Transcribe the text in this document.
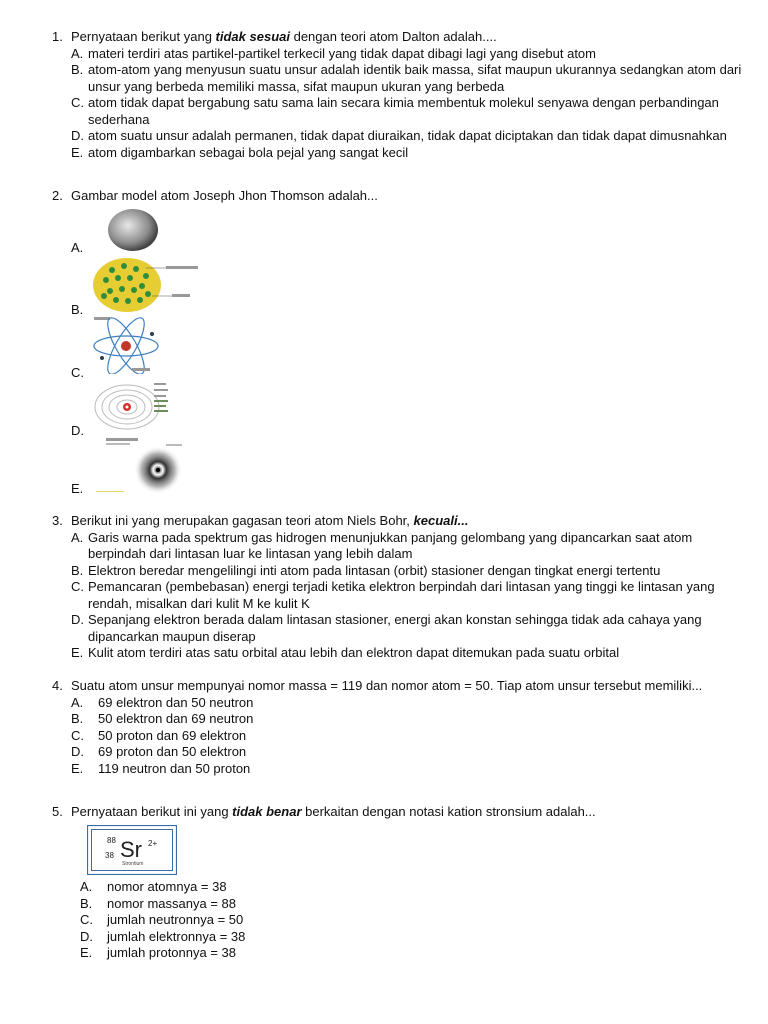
1. Pernyataan berikut yang tidak sesuai dengan teori atom Dalton adalah....
A. materi terdiri atas partikel-partikel terkecil yang tidak dapat dibagi lagi yang disebut atom
B. atom-atom yang menyusun suatu unsur adalah identik baik massa, sifat maupun ukurannya sedangkan atom dari unsur yang berbeda memiliki massa, sifat maupun ukuran yang berbeda
C. atom tidak dapat bergabung satu sama lain secara kimia membentuk molekul senyawa dengan perbandingan sederhana
D. atom suatu unsur adalah permanen, tidak dapat diuraikan, tidak dapat diciptakan dan tidak dapat dimusnahkan
E. atom digambarkan sebagai bola pejal yang sangat kecil
2. Gambar model atom Joseph Jhon Thomson adalah...
A.
B.
C.
D.
E.
3. Berikut ini yang merupakan gagasan teori atom Niels Bohr, kecuali...
A. Garis warna pada spektrum gas hidrogen menunjukkan panjang gelombang yang dipancarkan saat atom berpindah dari lintasan luar ke lintasan yang lebih dalam
B. Elektron beredar mengelilingi inti atom pada lintasan (orbit) stasioner dengan tingkat energi tertentu
C. Pemancaran (pembebasan) energi terjadi ketika elektron berpindah dari lintasan yang tinggi ke lintasan yang rendah, misalkan dari kulit M ke kulit K
D. Sepanjang elektron berada dalam lintasan stasioner, energi akan konstan sehingga tidak ada cahaya yang dipancarkan maupun diserap
E. Kulit atom terdiri atas satu orbital atau lebih dan elektron dapat ditemukan pada suatu orbital
4. Suatu atom unsur mempunyai nomor massa = 119 dan nomor atom = 50. Tiap atom unsur tersebut memiliki...
A. 69 elektron dan 50 neutron
B. 50 elektron dan 69 neutron
C. 50 proton dan 69 elektron
D. 69 proton dan 50 elektron
E. 119 neutron dan 50 proton
5. Pernyataan berikut ini yang tidak benar berkaitan dengan notasi kation stronsium adalah...
88
38 Sr 2+
Strontium
A. nomor atomnya = 38
B. nomor massanya = 88
C. jumlah neutronnya = 50
D. jumlah elektronnya = 38
E. jumlah protonnya = 38
